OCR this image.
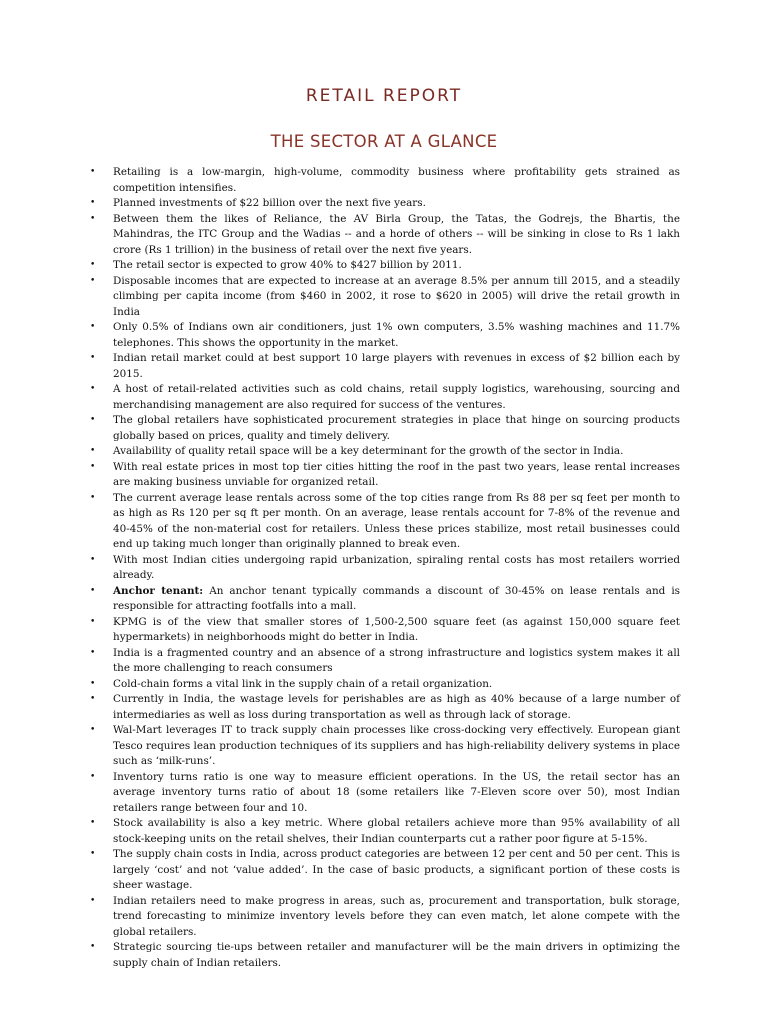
RETAIL REPORT
THE SECTOR AT A GLANCE
• Retailing is a low-margin, high-volume, commodity business where profitability gets strained as competition intensifies.
• Planned investments of $22 billion over the next five years.
• Between them the likes of Reliance, the AV Birla Group, the Tatas, the Godrejs, the Bhartis, the Mahindras, the ITC Group and the Wadias -- and a horde of others -- will be sinking in close to Rs 1 lakh crore (Rs 1 trillion) in the business of retail over the next five years.
• The retail sector is expected to grow 40% to $427 billion by 2011.
• Disposable incomes that are expected to increase at an average 8.5% per annum till 2015, and a steadily climbing per capita income (from $460 in 2002, it rose to $620 in 2005) will drive the retail growth in India
• Only 0.5% of Indians own air conditioners, just 1% own computers, 3.5% washing machines and 11.7% telephones. This shows the opportunity in the market.
• Indian retail market could at best support 10 large players with revenues in excess of $2 billion each by 2015.
• A host of retail-related activities such as cold chains, retail supply logistics, warehousing, sourcing and merchandising management are also required for success of the ventures.
• The global retailers have sophisticated procurement strategies in place that hinge on sourcing products globally based on prices, quality and timely delivery.
• Availability of quality retail space will be a key determinant for the growth of the sector in India.
• With real estate prices in most top tier cities hitting the roof in the past two years, lease rental increases are making business unviable for organized retail.
• The current average lease rentals across some of the top cities range from Rs 88 per sq feet per month to as high as Rs 120 per sq ft per month. On an average, lease rentals account for 7-8% of the revenue and 40-45% of the non-material cost for retailers. Unless these prices stabilize, most retail businesses could end up taking much longer than originally planned to break even.
• With most Indian cities undergoing rapid urbanization, spiraling rental costs has most retailers worried already.
• Anchor tenant: An anchor tenant typically commands a discount of 30-45% on lease rentals and is responsible for attracting footfalls into a mall.
• KPMG is of the view that smaller stores of 1,500-2,500 square feet (as against 150,000 square feet hypermarkets) in neighborhoods might do better in India.
• India is a fragmented country and an absence of a strong infrastructure and logistics system makes it all the more challenging to reach consumers
• Cold-chain forms a vital link in the supply chain of a retail organization.
• Currently in India, the wastage levels for perishables are as high as 40% because of a large number of intermediaries as well as loss during transportation as well as through lack of storage.
• Wal-Mart leverages IT to track supply chain processes like cross-docking very effectively. European giant Tesco requires lean production techniques of its suppliers and has high-reliability delivery systems in place such as ‘milk-runs’.
• Inventory turns ratio is one way to measure efficient operations. In the US, the retail sector has an average inventory turns ratio of about 18 (some retailers like 7-Eleven score over 50), most Indian retailers range between four and 10.
• Stock availability is also a key metric. Where global retailers achieve more than 95% availability of all stock-keeping units on the retail shelves, their Indian counterparts cut a rather poor figure at 5-15%.
• The supply chain costs in India, across product categories are between 12 per cent and 50 per cent. This is largely ‘cost’ and not ‘value added’. In the case of basic products, a significant portion of these costs is sheer wastage.
• Indian retailers need to make progress in areas, such as, procurement and transportation, bulk storage, trend forecasting to minimize inventory levels before they can even match, let alone compete with the global retailers.
• Strategic sourcing tie-ups between retailer and manufacturer will be the main drivers in optimizing the supply chain of Indian retailers.
